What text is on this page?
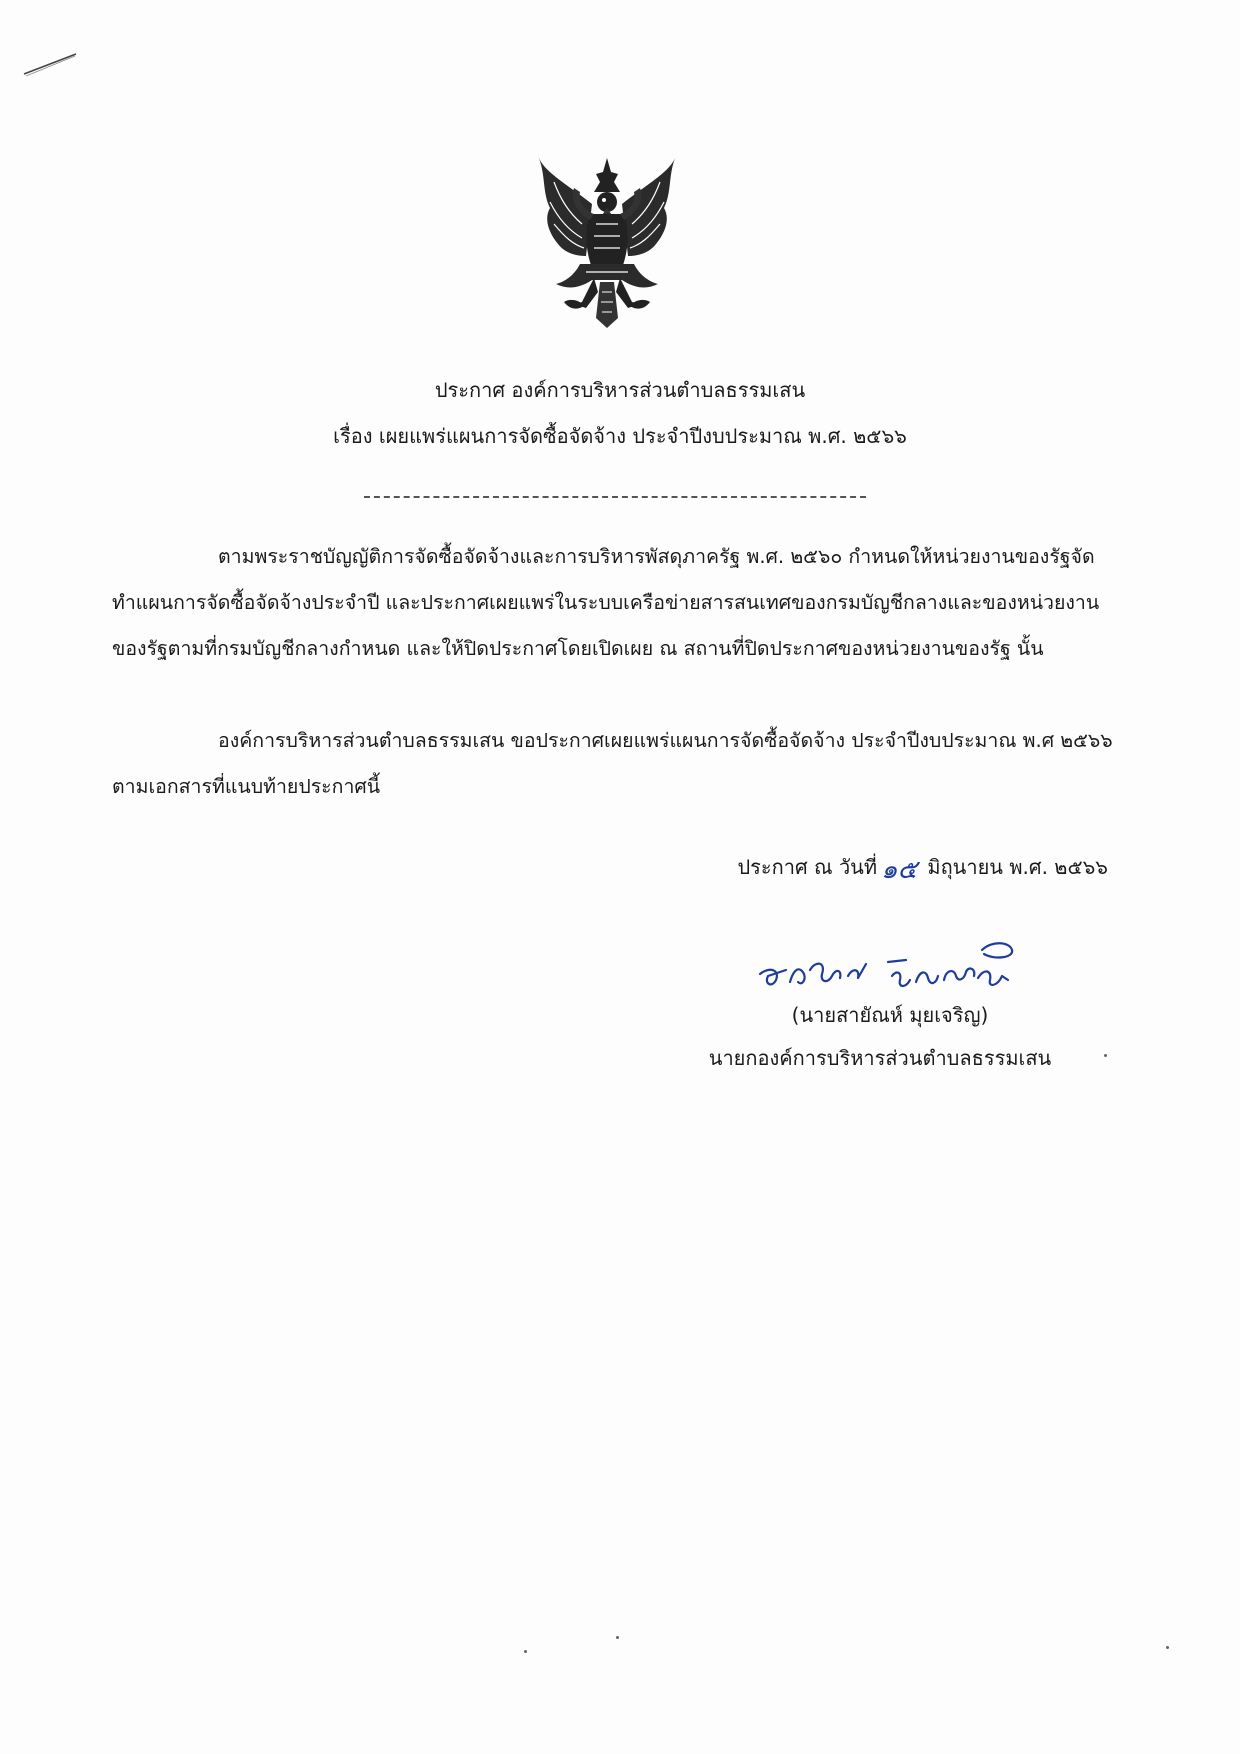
ประกาศ องค์การบริหารส่วนตำบลธรรมเสน
เรื่อง เผยแพร่แผนการจัดซื้อจัดจ้าง ประจำปีงบประมาณ พ.ศ. ๒๕๖๖
ตามพระราชบัญญัติการจัดซื้อจัดจ้างและการบริหารพัสดุภาครัฐ พ.ศ. ๒๕๖๐ กำหนดให้หน่วยงานของรัฐจัดทำแผนการจัดซื้อจัดจ้างประจำปี และประกาศเผยแพร่ในระบบเครือข่ายสารสนเทศของกรมบัญชีกลางและของหน่วยงานของรัฐตามที่กรมบัญชีกลางกำหนด และให้ปิดประกาศโดยเปิดเผย ณ สถานที่ปิดประกาศของหน่วยงานของรัฐ นั้น
องค์การบริหารส่วนตำบลธรรมเสน ขอประกาศเผยแพร่แผนการจัดซื้อจัดจ้าง ประจำปีงบประมาณ พ.ศ ๒๕๖๖ ตามเอกสารที่แนบท้ายประกาศนี้
ประกาศ ณ วันที่ ๑๕ มิถุนายน พ.ศ. ๒๕๖๖
(นายสายัณห์ มุยเจริญ)
นายกองค์การบริหารส่วนตำบลธรรมเสน
